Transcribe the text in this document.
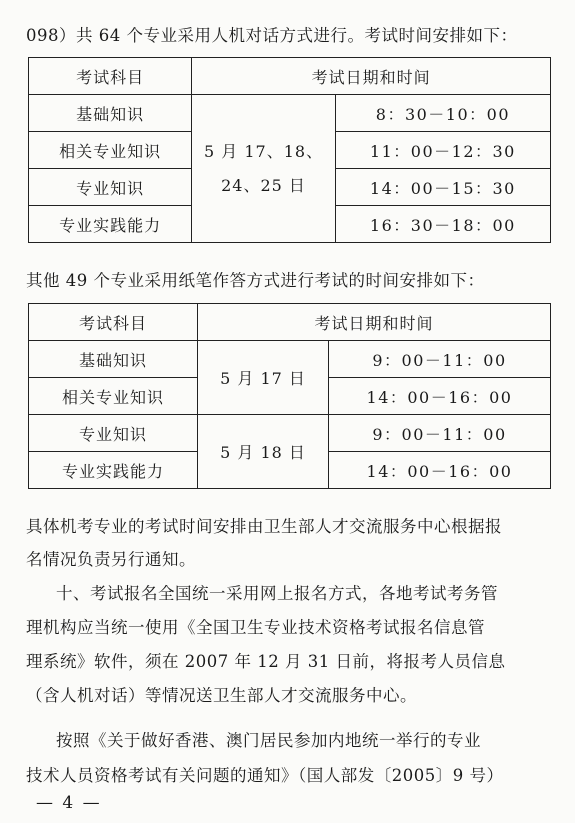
098）共 64 个专业采用人机对话方式进行。考试时间安排如下：
考试科目	考试日期和时间	
基础知识	5 月 17、18、 24、25 日	8：30－10：00
相关专业知识		11：00－12：30
专业知识		14：00－15：30
专业实践能力		16：30－18：00
其他 49 个专业采用纸笔作答方式进行考试的时间安排如下：
考试科目	考试日期和时间	
基础知识	5 月 17 日	9：00－11：00
相关专业知识		14：00－16：00
专业知识	5 月 18 日	9：00－11：00
专业实践能力		14：00－16：00
具体机考专业的考试时间安排由卫生部人才交流服务中心根据报
名情况负责另行通知。
十、考试报名全国统一采用网上报名方式，各地考试考务管
理机构应当统一使用《全国卫生专业技术资格考试报名信息管
理系统》软件，须在 2007 年 12 月 31 日前，将报考人员信息
（含人机对话）等情况送卫生部人才交流服务中心。
按照《关于做好香港、澳门居民参加内地统一举行的专业
技术人员资格考试有关问题的通知》（国人部发〔2005〕9 号）
— 4 —
